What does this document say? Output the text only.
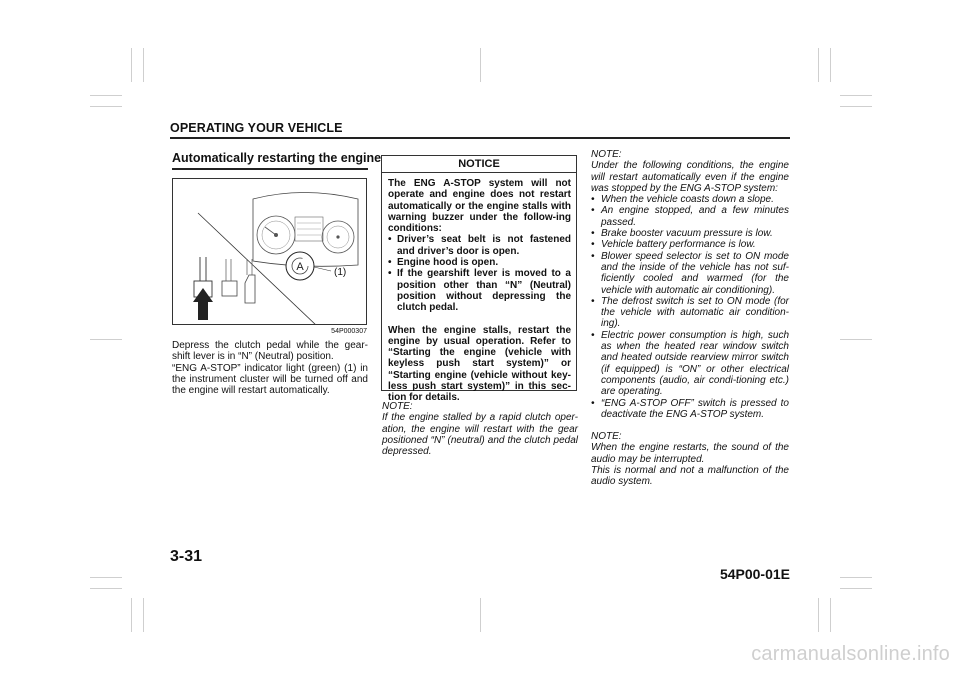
OPERATING YOUR VEHICLE
Automatically restarting the engine
A	(1)
54P000307
Depress the clutch pedal while the gear-shift lever is in “N” (Neutral) position.
“ENG A-STOP” indicator light (green) (1) in the instrument cluster will be turned off and the engine will restart automatically.
NOTICE
The ENG A-STOP system will not operate and engine does not restart automatically or the engine stalls with warning buzzer under the follow-ing conditions:
• Driver’s seat belt is not fastened and driver’s door is open.
• Engine hood is open.
• If the gearshift lever is moved to a position other than “N” (Neutral) position without depressing the clutch pedal.
When the engine stalls, restart the engine by usual operation. Refer to “Starting the engine (vehicle with keyless push start system)” or “Starting engine (vehicle without key-less push start system)” in this sec-tion for details.
NOTE:
If the engine stalled by a rapid clutch oper-ation, the engine will restart with the gear positioned “N” (neutral) and the clutch pedal depressed.
NOTE:
Under the following conditions, the engine will restart automatically even if the engine was stopped by the ENG A-STOP system:
• When the vehicle coasts down a slope.
• An engine stopped, and a few minutes passed.
• Brake booster vacuum pressure is low.
• Vehicle battery performance is low.
• Blower speed selector is set to ON mode and the inside of the vehicle has not suf-ficiently cooled and warmed (for the vehicle with automatic air conditioning).
• The defrost switch is set to ON mode (for the vehicle with automatic air condition-ing).
• Electric power consumption is high, such as when the heated rear window switch and heated outside rearview mirror switch (if equipped) is “ON” or other electrical components (audio, air condi-tioning etc.) are operating.
• “ENG A-STOP OFF” switch is pressed to deactivate the ENG A-STOP system.
NOTE:
When the engine restarts, the sound of the audio may be interrupted.
This is normal and not a malfunction of the audio system.
3-31
54P00-01E
carmanualsonline.info
